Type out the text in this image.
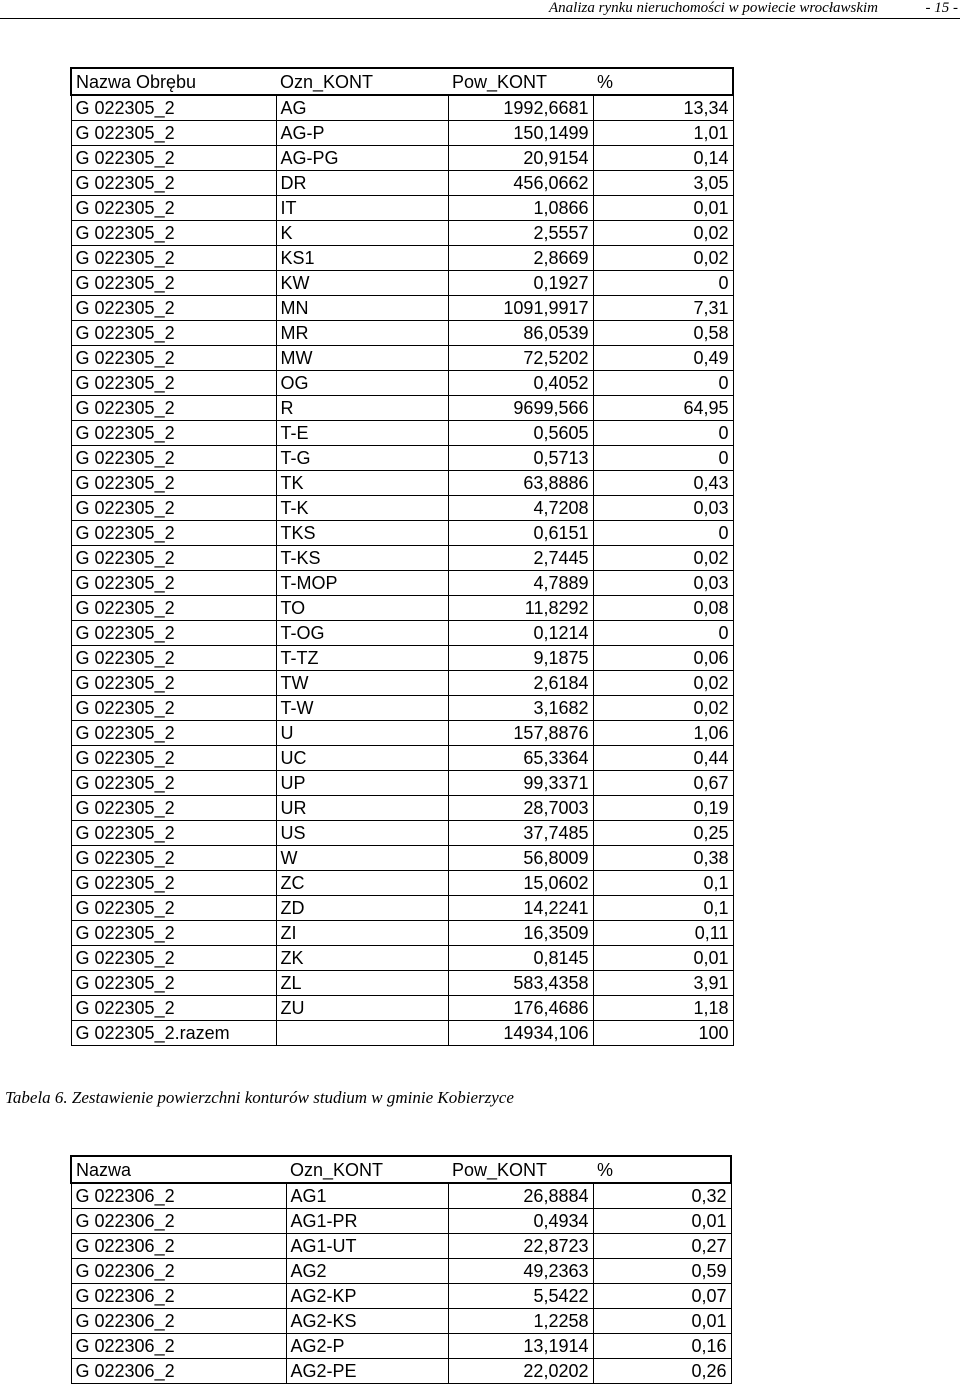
Analiza rynku nieruchomości w powiecie wrocławskim	- 15 -
Nazwa Obrębu	Ozn_KONT	Pow_KONT	%
G 022305_2	AG	1992,6681	13,34
G 022305_2	AG-P	150,1499	1,01
G 022305_2	AG-PG	20,9154	0,14
G 022305_2	DR	456,0662	3,05
G 022305_2	IT	1,0866	0,01
G 022305_2	K	2,5557	0,02
G 022305_2	KS1	2,8669	0,02
G 022305_2	KW	0,1927	0
G 022305_2	MN	1091,9917	7,31
G 022305_2	MR	86,0539	0,58
G 022305_2	MW	72,5202	0,49
G 022305_2	OG	0,4052	0
G 022305_2	R	9699,566	64,95
G 022305_2	T-E	0,5605	0
G 022305_2	T-G	0,5713	0
G 022305_2	TK	63,8886	0,43
G 022305_2	T-K	4,7208	0,03
G 022305_2	TKS	0,6151	0
G 022305_2	T-KS	2,7445	0,02
G 022305_2	T-MOP	4,7889	0,03
G 022305_2	TO	11,8292	0,08
G 022305_2	T-OG	0,1214	0
G 022305_2	T-TZ	9,1875	0,06
G 022305_2	TW	2,6184	0,02
G 022305_2	T-W	3,1682	0,02
G 022305_2	U	157,8876	1,06
G 022305_2	UC	65,3364	0,44
G 022305_2	UP	99,3371	0,67
G 022305_2	UR	28,7003	0,19
G 022305_2	US	37,7485	0,25
G 022305_2	W	56,8009	0,38
G 022305_2	ZC	15,0602	0,1
G 022305_2	ZD	14,2241	0,1
G 022305_2	ZI	16,3509	0,11
G 022305_2	ZK	0,8145	0,01
G 022305_2	ZL	583,4358	3,91
G 022305_2	ZU	176,4686	1,18
G 022305_2.razem		14934,106	100
Tabela 6. Zestawienie powierzchni konturów studium w gminie Kobierzyce
Nazwa	Ozn_KONT	Pow_KONT	%
G 022306_2	AG1	26,8884	0,32
G 022306_2	AG1-PR	0,4934	0,01
G 022306_2	AG1-UT	22,8723	0,27
G 022306_2	AG2	49,2363	0,59
G 022306_2	AG2-KP	5,5422	0,07
G 022306_2	AG2-KS	1,2258	0,01
G 022306_2	AG2-P	13,1914	0,16
G 022306_2	AG2-PE	22,0202	0,26
